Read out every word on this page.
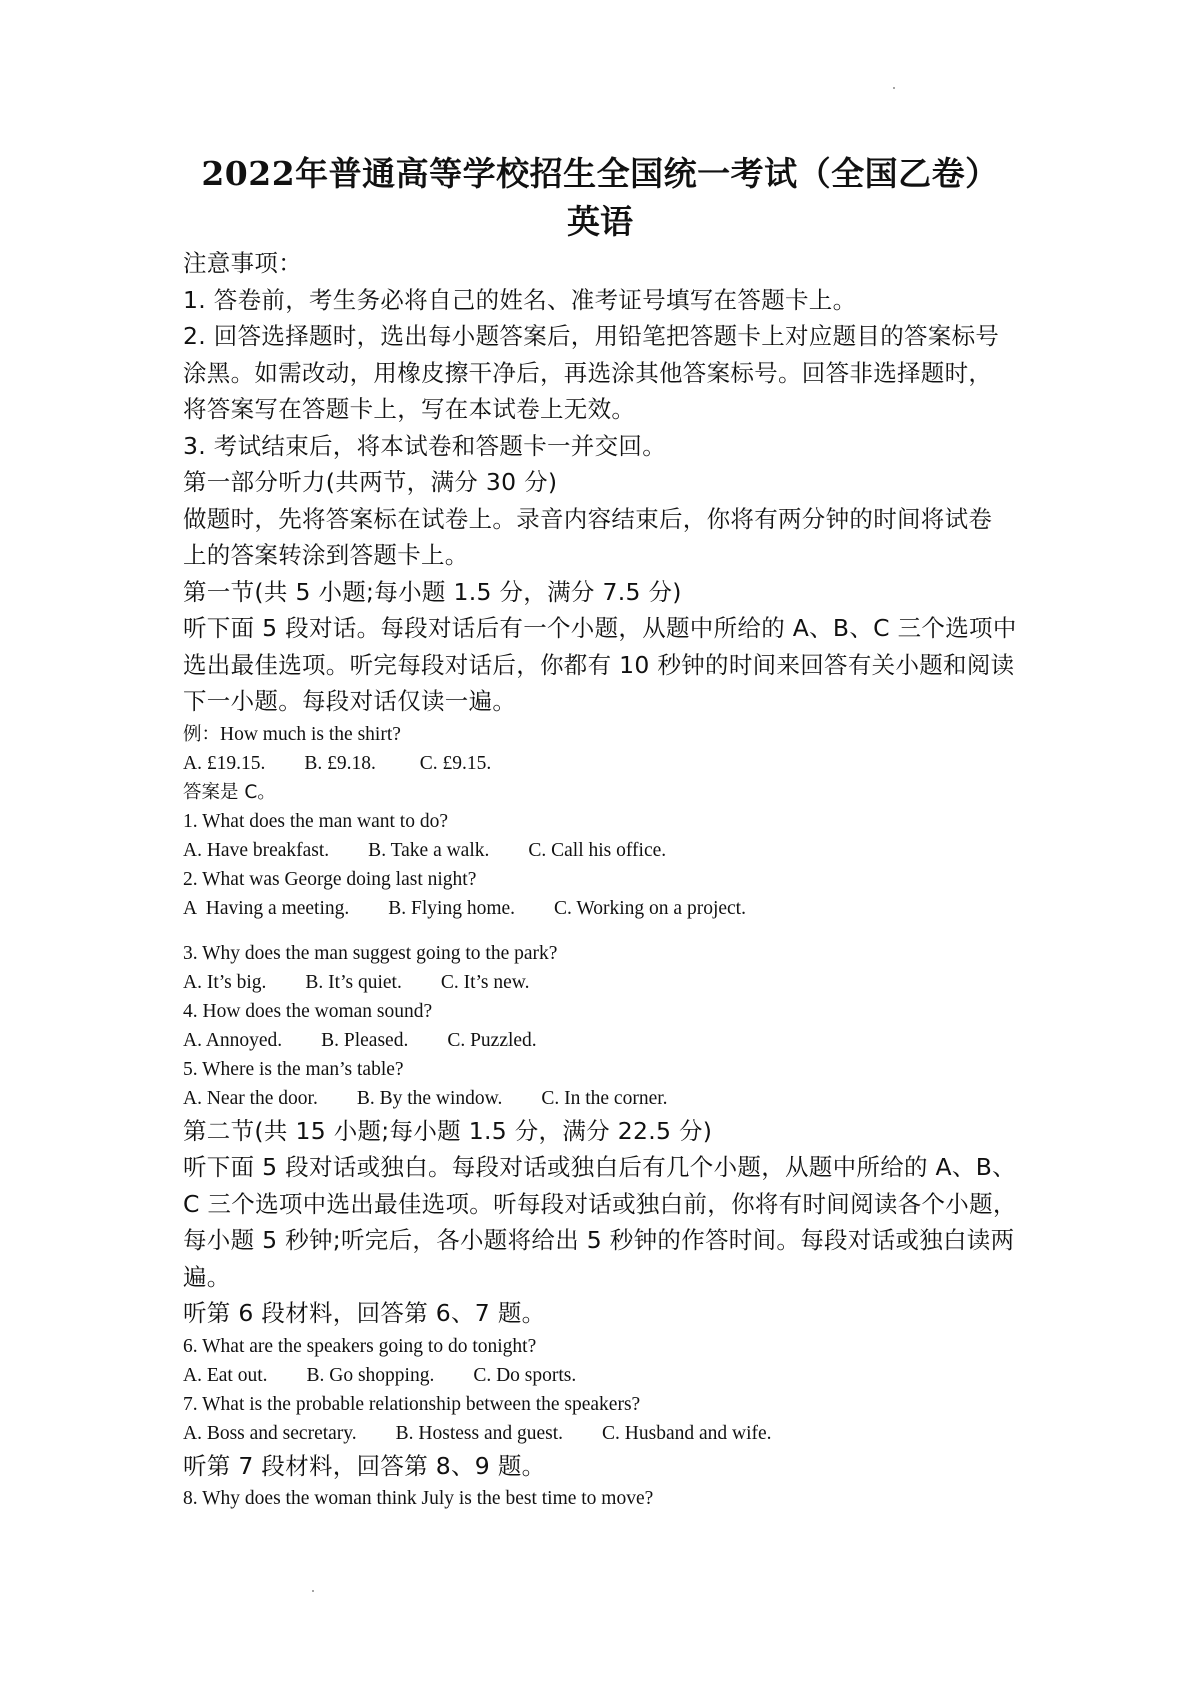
2022年普通高等学校招生全国统一考试（全国乙卷）
英语

注意事项：

1. 答卷前，考生务必将自己的姓名、准考证号填写在答题卡上。

2. 回答选择题时，选出每小题答案后，用铅笔把答题卡上对应题目的答案标号

涂黑。如需改动，用橡皮擦干净后，再选涂其他答案标号。回答非选择题时，

将答案写在答题卡上，写在本试卷上无效。

3. 考试结束后，将本试卷和答题卡一并交回。

第一部分听力(共两节，满分 30 分)

做题时，先将答案标在试卷上。录音内容结束后，你将有两分钟的时间将试卷

上的答案转涂到答题卡上。

第一节(共 5 小题;每小题 1.5 分，满分 7.5 分)

听下面 5 段对话。每段对话后有一个小题，从题中所给的 A、B、C 三个选项中

选出最佳选项。听完每段对话后，你都有 10 秒钟的时间来回答有关小题和阅读

下一小题。每段对话仅读一遍。

例：How much is the shirt?

A. £19.15.        B. £9.18.         C. £9.15.

答案是 C。

1. What does the man want to do?

A. Have breakfast.        B. Take a walk.        C. Call his office.

2. What was George doing last night?

A  Having a meeting.        B. Flying home.        C. Working on a project.

3. Why does the man suggest going to the park?

A. It’s big.        B. It’s quiet.        C. It’s new.

4. How does the woman sound?

A. Annoyed.        B. Pleased.        C. Puzzled.

5. Where is the man’s table?

A. Near the door.        B. By the window.        C. In the corner.

第二节(共 15 小题;每小题 1.5 分，满分 22.5 分)

听下面 5 段对话或独白。每段对话或独白后有几个小题，从题中所给的 A、B、

C 三个选项中选出最佳选项。听每段对话或独白前，你将有时间阅读各个小题，

每小题 5 秒钟;听完后，各小题将给出 5 秒钟的作答时间。每段对话或独白读两

遍。

听第 6 段材料，回答第 6、7 题。

6. What are the speakers going to do tonight?

A. Eat out.        B. Go shopping.        C. Do sports.

7. What is the probable relationship between the speakers?

A. Boss and secretary.        B. Hostess and guest.        C. Husband and wife.

听第 7 段材料，回答第 8、9 题。

8. Why does the woman think July is the best time to move?
